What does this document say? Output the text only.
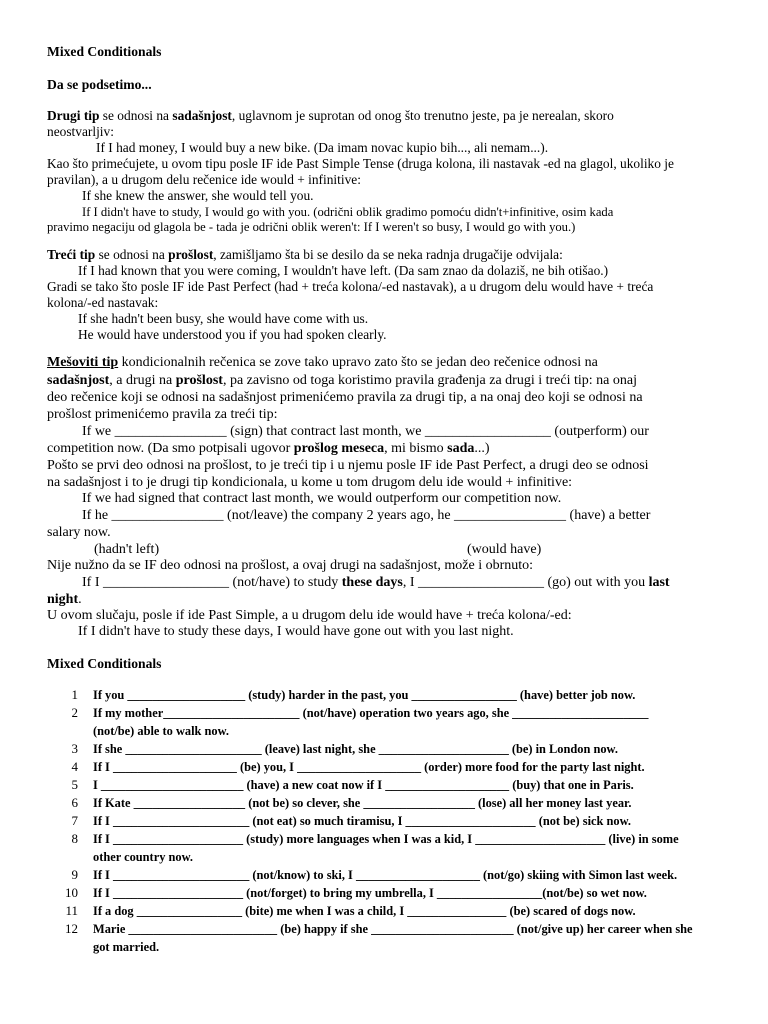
Mixed Conditionals
Da se podsetimo...
Drugi tip se odnosi na sadašnjost, uglavnom je suprotan od onog što trenutno jeste, pa je nerealan, skoro
neostvarljiv:
If I had money, I would buy a new bike. (Da imam novac kupio bih..., ali nemam...).
Kao što primećujete, u ovom tipu posle IF ide Past Simple Tense (druga kolona, ili nastavak -ed na glagol, ukoliko je
pravilan), a u drugom delu rečenice ide would + infinitive:
If she knew the answer, she would tell you.
If I didn't have to study, I would go with you. (odrični oblik gradimo pomoću didn't+infinitive, osim kada
pravimo negaciju od glagola be - tada je odrični oblik weren't: If I weren't so busy, I would go with you.)
Treći tip se odnosi na prošlost, zamišljamo šta bi se desilo da se neka radnja drugačije odvijala:
If I had known that you were coming, I wouldn't have left. (Da sam znao da dolaziš, ne bih otišao.)
Gradi se tako što posle IF ide Past Perfect (had + treća kolona/-ed nastavak), a u drugom delu would have + treća
kolona/-ed nastavak:
If she hadn't been busy, she would have come with us.
He would have understood you if you had spoken clearly.
Mešoviti tip kondicionalnih rečenica se zove tako upravo zato što se jedan deo rečenice odnosi na
sadašnjost, a drugi na prošlost, pa zavisno od toga koristimo pravila građenja za drugi i treći tip: na onaj
deo rečenice koji se odnosi na sadašnjost primenićemo pravila za drugi tip, a na onaj deo koji se odnosi na
prošlost primenićemo pravila za treći tip:
If we ________________ (sign) that contract last month, we __________________ (outperform) our
competition now. (Da smo potpisali ugovor prošlog meseca, mi bismo sada...)
Pošto se prvi deo odnosi na prošlost, to je treći tip i u njemu posle IF ide Past Perfect, a drugi deo se odnosi
na sadašnjost i to je drugi tip kondicionala, u kome u tom drugom delu ide would + infinitive:
If we had signed that contract last month, we would outperform our competition now.
If he ________________ (not/leave) the company 2 years ago, he ________________ (have) a better
salary now.
(hadn't left)	(would have)
Nije nužno da se IF deo odnosi na prošlost, a ovaj drugi na sadašnjost, može i obrnuto:
If I __________________ (not/have) to study these days, I __________________ (go) out with you last
night.
U ovom slučaju, posle if ide Past Simple, a u drugom delu ide would have + treća kolona/-ed:
If I didn't have to study these days, I would have gone out with you last night.
Mixed Conditionals
1 If you ___________________ (study) harder in the past, you _________________ (have) better job now.
2 If my mother______________________ (not/have) operation two years ago, she ______________________
(not/be) able to walk now.
3 If she ______________________ (leave) last night, she _____________________ (be) in London now.
4 If I ____________________ (be) you, I ____________________ (order) more food for the party last night.
5 I _______________________ (have) a new coat now if I ____________________ (buy) that one in Paris.
6 If Kate __________________ (not be) so clever, she __________________ (lose) all her money last year.
7 If I ______________________ (not eat) so much tiramisu, I _____________________ (not be) sick now.
8 If I _____________________ (study) more languages when I was a kid, I _____________________ (live) in some
other country now.
9 If I ______________________ (not/know) to ski, I ____________________ (not/go) skiing with Simon last week.
10 If I _____________________ (not/forget) to bring my umbrella, I _________________(not/be) so wet now.
11 If a dog _________________ (bite) me when I was a child, I ________________ (be) scared of dogs now.
12 Marie ________________________ (be) happy if she _______________________ (not/give up) her career when she
got married.
